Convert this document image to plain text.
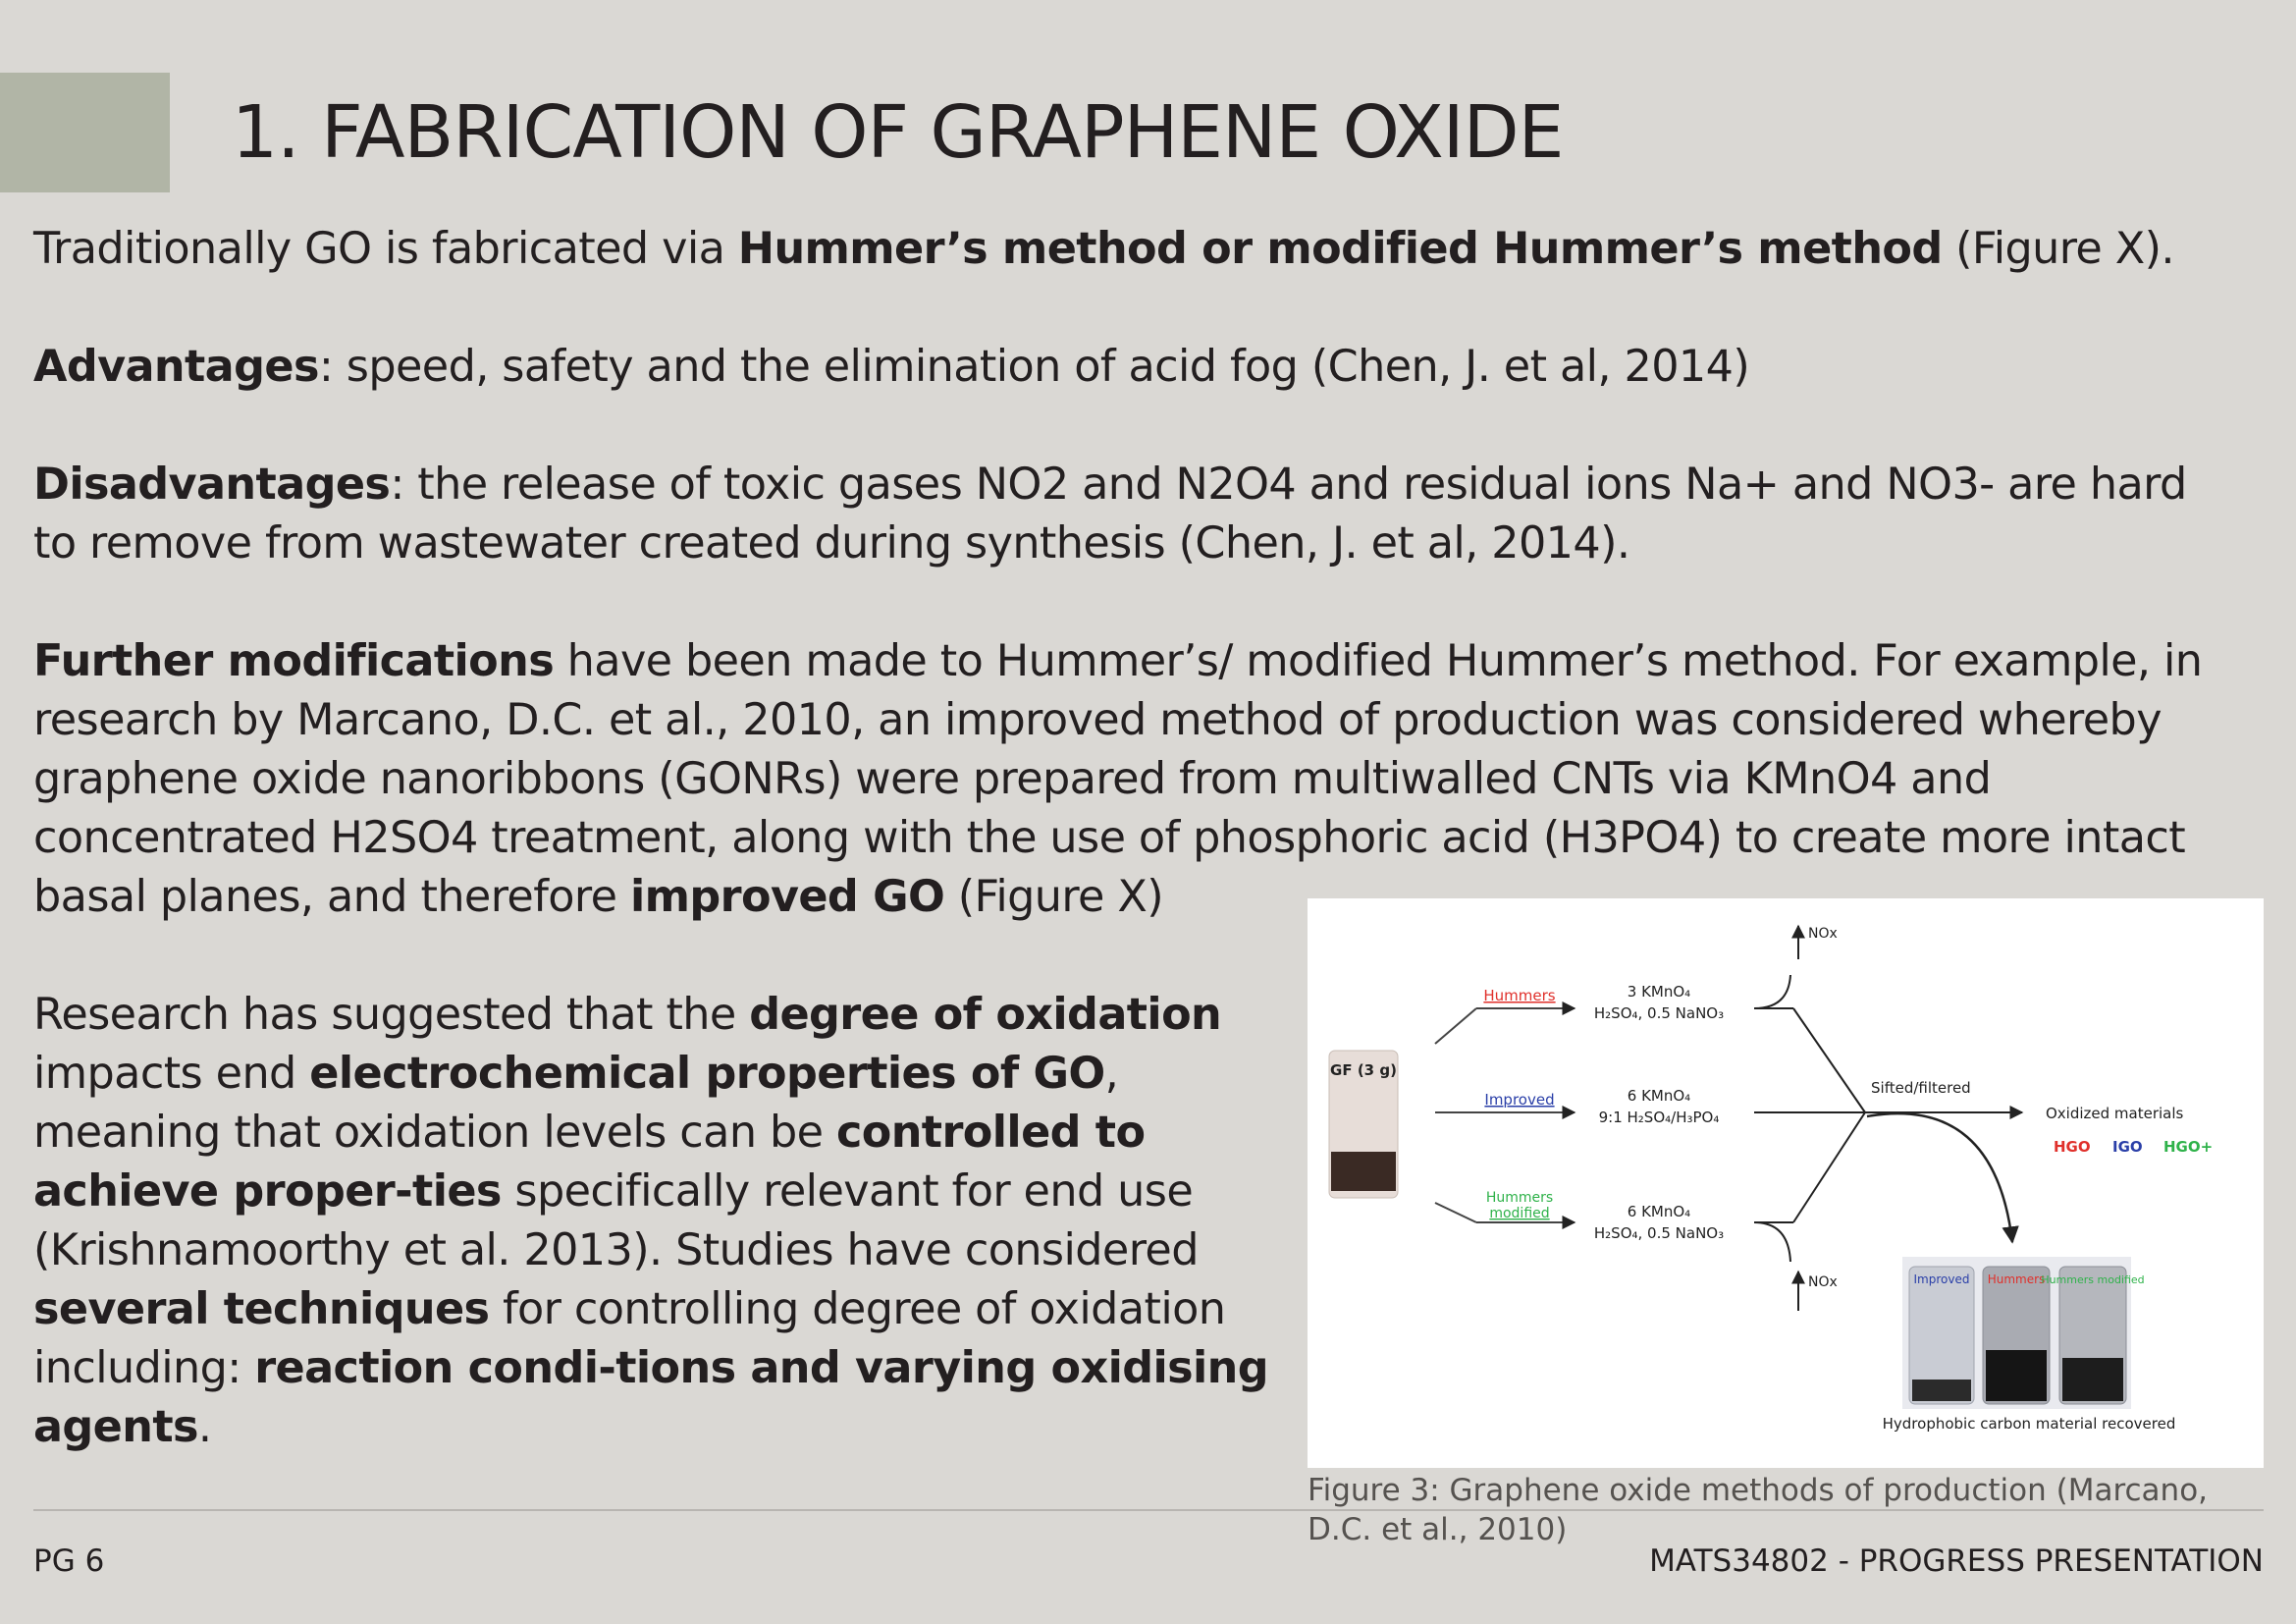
1. FABRICATION OF GRAPHENE OXIDE

Traditionally GO is fabricated via Hummer’s method or modified Hummer’s method (Figure X).

Advantages: speed, safety and the elimination of acid fog (Chen, J. et al, 2014)

Disadvantages: the release of toxic gases NO2 and N2O4 and residual ions Na+ and NO3- are hard to remove from wastewater created during synthesis (Chen, J. et al, 2014).

Further modifications have been made to Hummer’s/ modified Hummer’s method. For example, in research by Marcano, D.C. et al., 2010, an improved method of production was considered whereby graphene oxide nanoribbons (GONRs) were prepared from multiwalled CNTs via KMnO4 and concentrated H2SO4 treatment, along with the use of phosphoric acid (H3PO4) to create more intact basal planes, and therefore improved GO (Figure X)

Research has suggested that the degree of oxidation impacts end electrochemical properties of GO, meaning that oxidation levels can be controlled to achieve proper-ties specifically relevant for end use (Krishnamoorthy et al. 2013). Studies have considered several techniques for controlling degree of oxidation including: reaction condi-tions and varying oxidising agents.

GF (3 g)
Hummers
Improved
Hummers
modified
3 KMnO₄
H₂SO₄, 0.5 NaNO₃
6 KMnO₄
9:1 H₂SO₄/H₃PO₄
6 KMnO₄
H₂SO₄, 0.5 NaNO₃
NOx
NOx
Sifted/filtered
Oxidized materials
HGO IGO HGO+
Improved Hummers
Hummers modified
Hydrophobic carbon material recovered

Figure 3: Graphene oxide methods of production (Marcano, D.C. et al., 2010)

PG 6	MATS34802 - PROGRESS PRESENTATION
